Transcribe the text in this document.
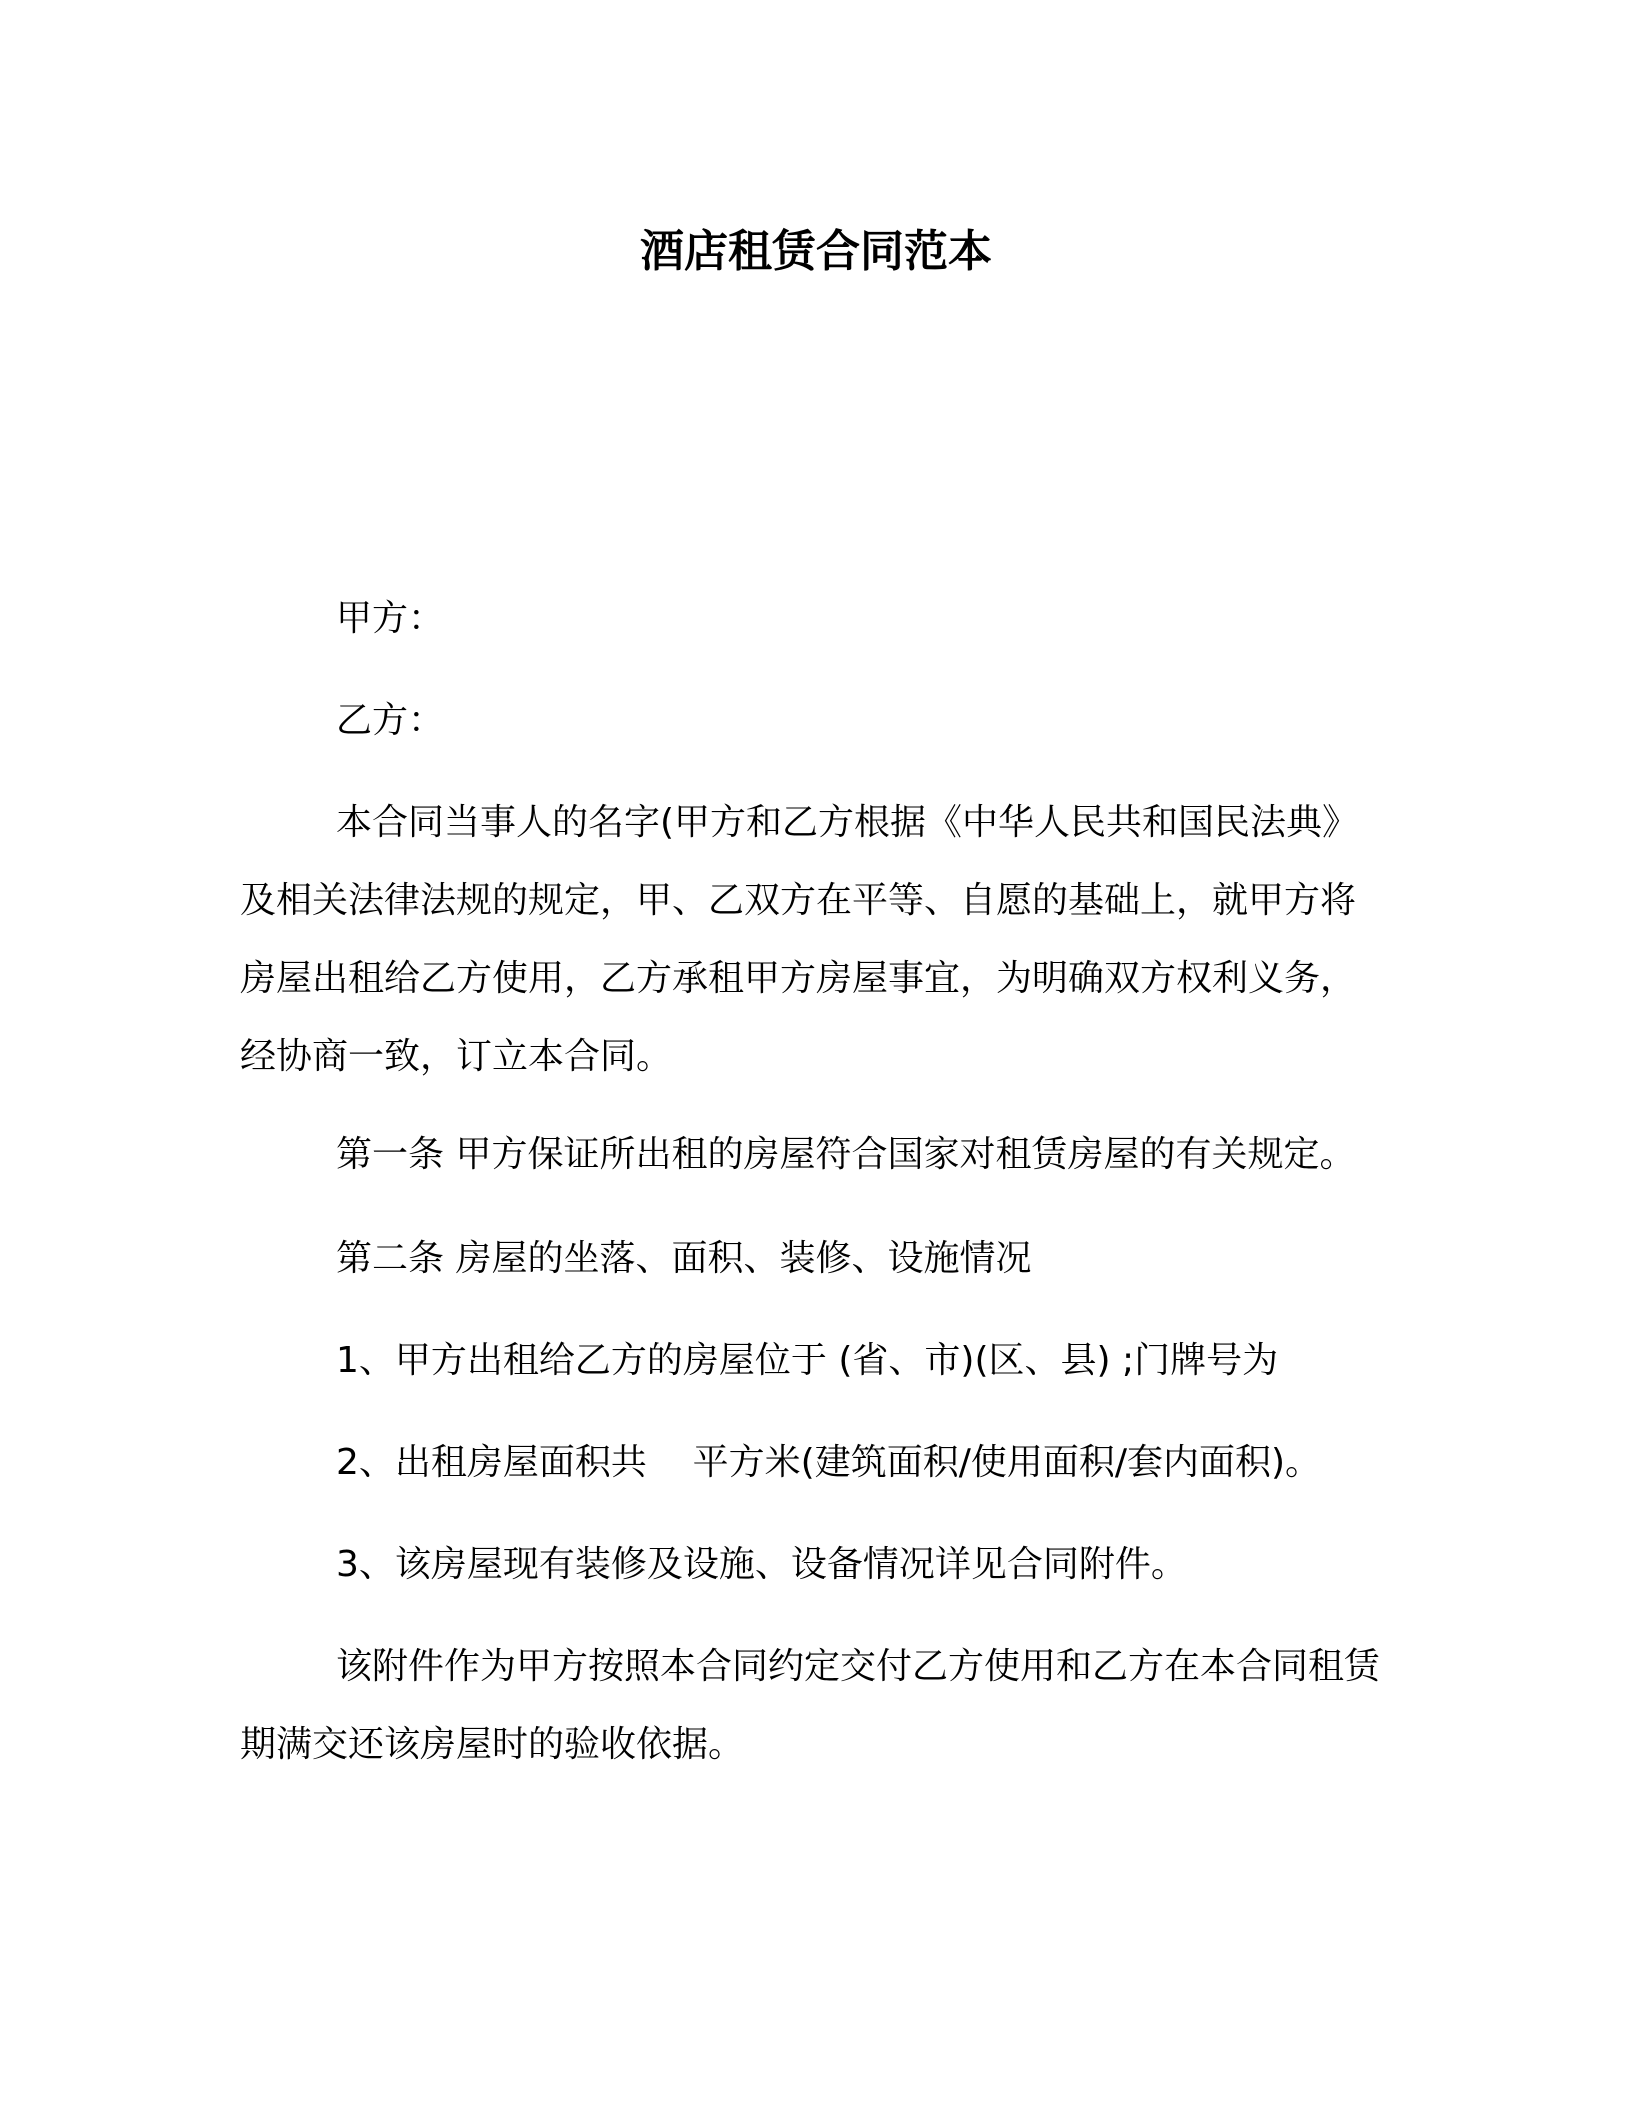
酒店租赁合同范本

甲方：

乙方：

本合同当事人的名字(甲方和乙方根据《中华人民共和国民法典》及相关法律法规的规定，甲、乙双方在平等、自愿的基础上，就甲方将房屋出租给乙方使用，乙方承租甲方房屋事宜，为明确双方权利义务，经协商一致，订立本合同。

第一条 甲方保证所出租的房屋符合国家对租赁房屋的有关规定。

第二条 房屋的坐落、面积、装修、设施情况

1、甲方出租给乙方的房屋位于 (省、市)(区、县) ;门牌号为

2、出租房屋面积共    平方米(建筑面积/使用面积/套内面积)。

3、该房屋现有装修及设施、设备情况详见合同附件。

该附件作为甲方按照本合同约定交付乙方使用和乙方在本合同租赁期满交还该房屋时的验收依据。
